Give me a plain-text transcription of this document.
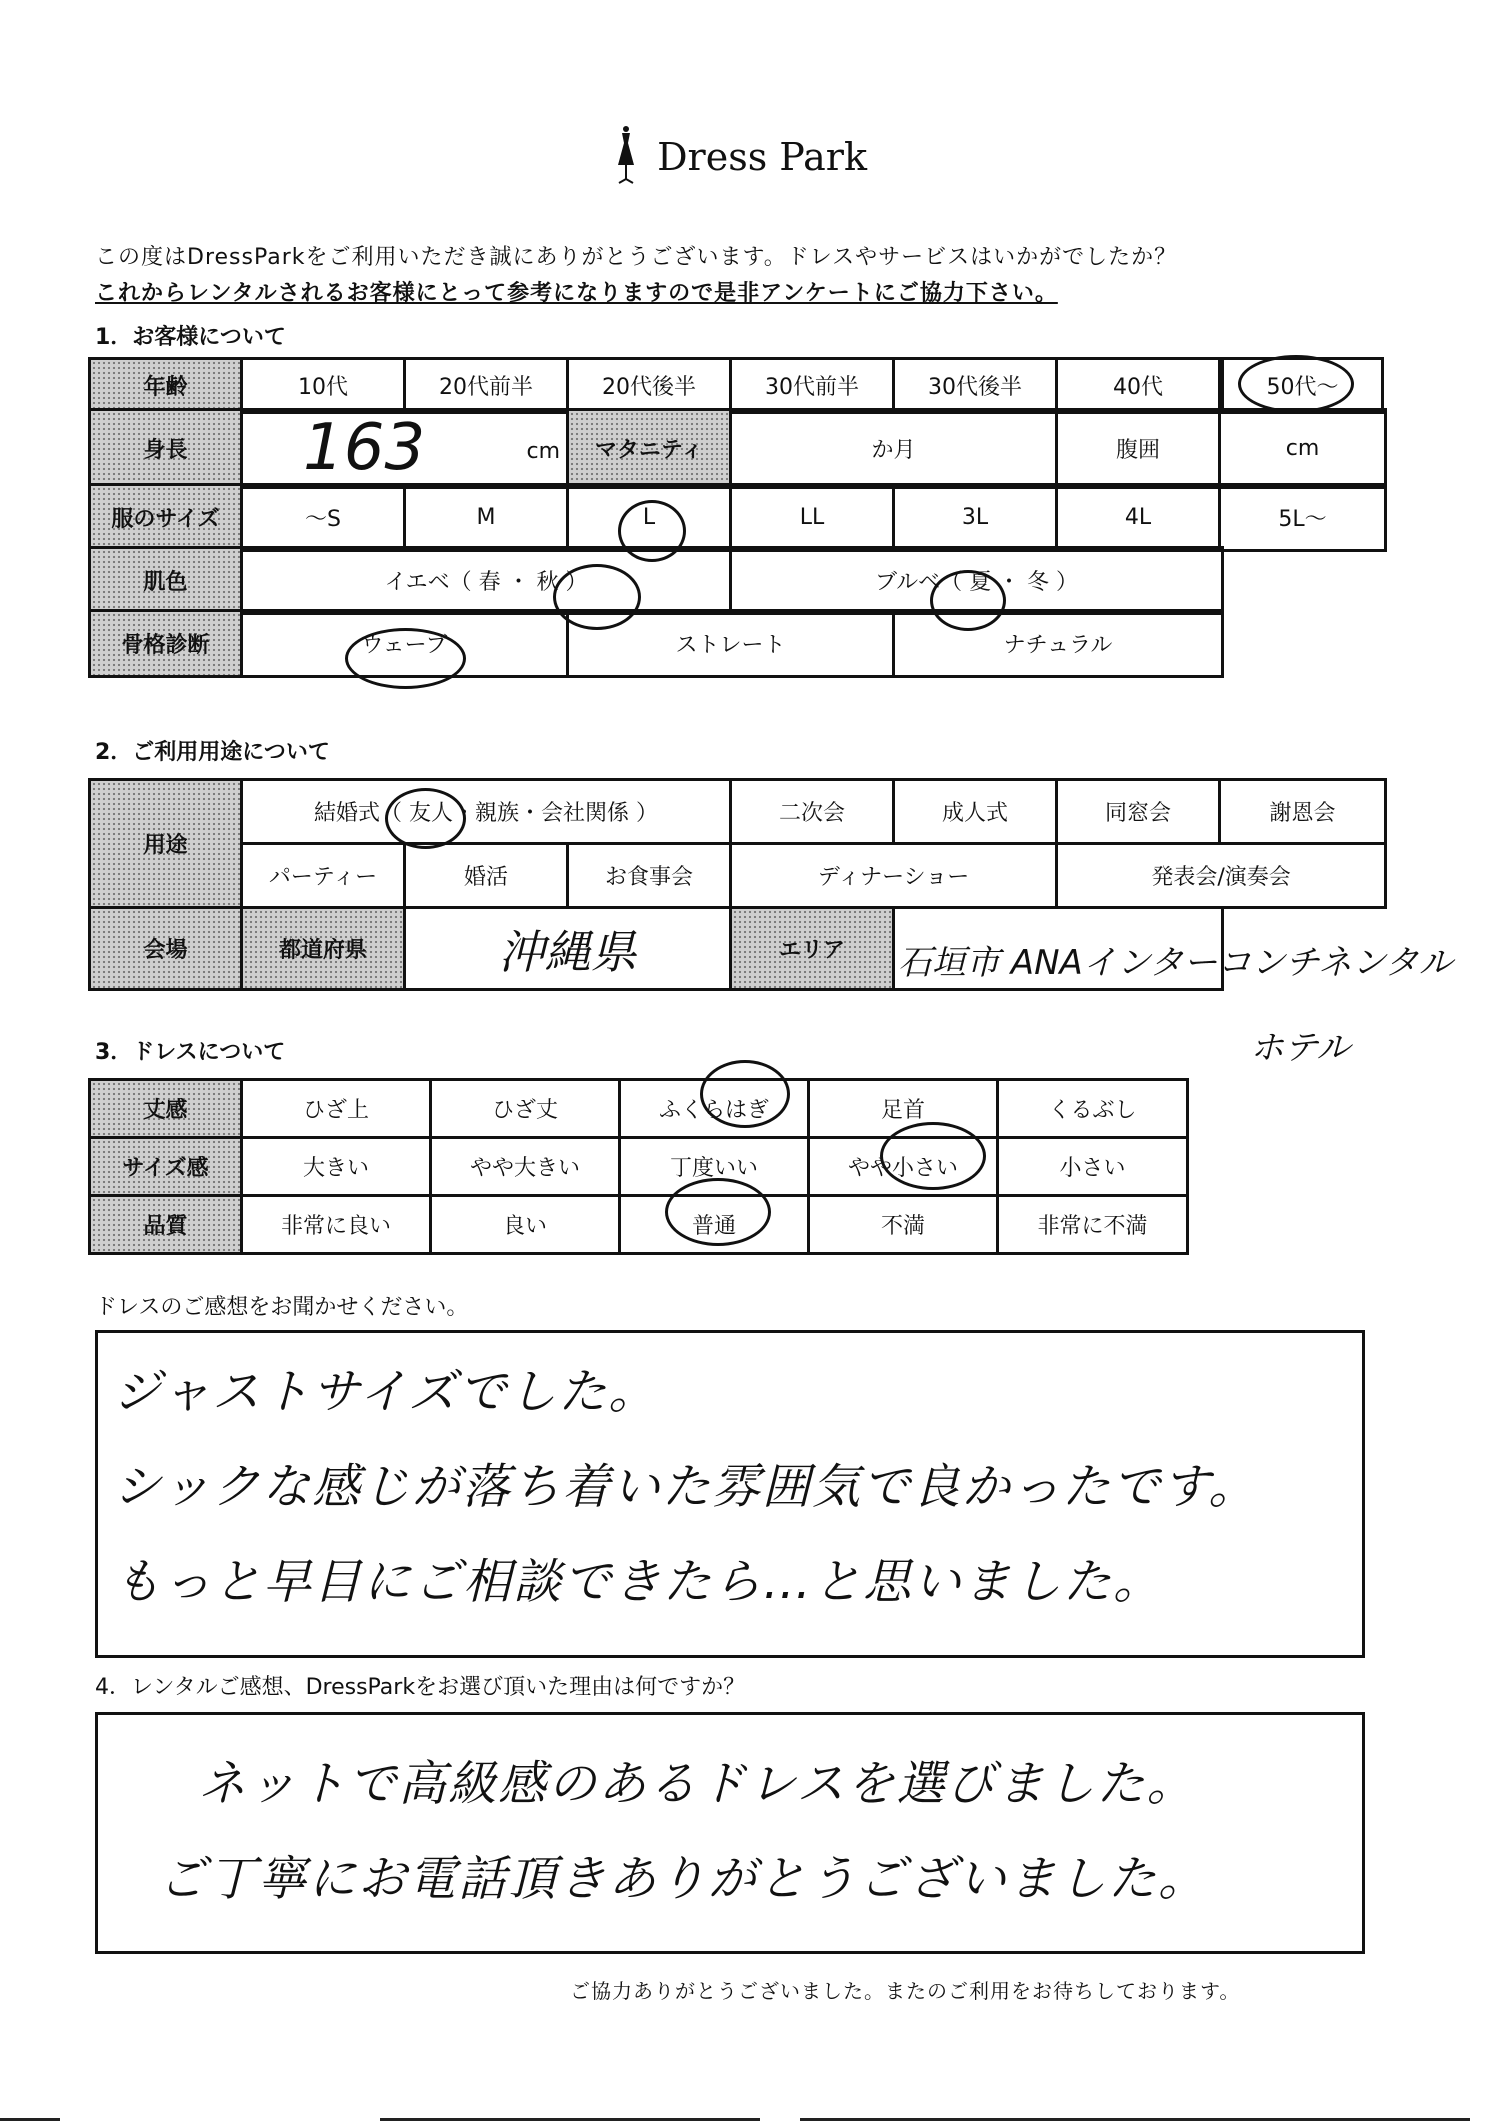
Dress Park
この度はDressParkをご利用いただき誠にありがとうございます。ドレスやサービスはいかがでしたか？
これからレンタルされるお客様にとって参考になりますので是非アンケートにご協力下さい。
1．お客様について
年齢	10代	20代前半	20代後半	30代前半	30代後半	40代	50代～
身長	163	cm	マタニティ	か月	腹囲	cm
服のサイズ	～S	M	L	LL	3L	4L	5L～
肌色	イエベ（ 春 ・ 秋 ）	ブルベ（ 夏 ・ 冬 ）
骨格診断	ウェーブ	ストレート	ナチュラル
2．ご利用用途について
用途	結婚式（ 友人・親族・会社関係 ）			二次会	成人式	同窓会	謝恩会
	パーティー	婚活	お食事会	ディナーショー		発表会/演奏会	
会場	都道府県	沖縄県	エリア	石垣市 ANAインターコンチネンタル
ホテル
3．ドレスについて
丈感	ひざ上	ひざ丈	ふくらはぎ	足首	くるぶし
サイズ感	大きい	やや大きい	丁度いい	やや小さい	小さい
品質	非常に良い	良い	普通	不満	非常に不満
ドレスのご感想をお聞かせください。
ジャストサイズでした。
シックな感じが落ち着いた雰囲気で良かったです。
もっと早目にご相談できたら…と思いました。
4．レンタルご感想、DressParkをお選び頂いた理由は何ですか？
ネットで高級感のあるドレスを選びました。
ご丁寧にお電話頂きありがとうございました。
ご協力ありがとうございました。またのご利用をお待ちしております。
